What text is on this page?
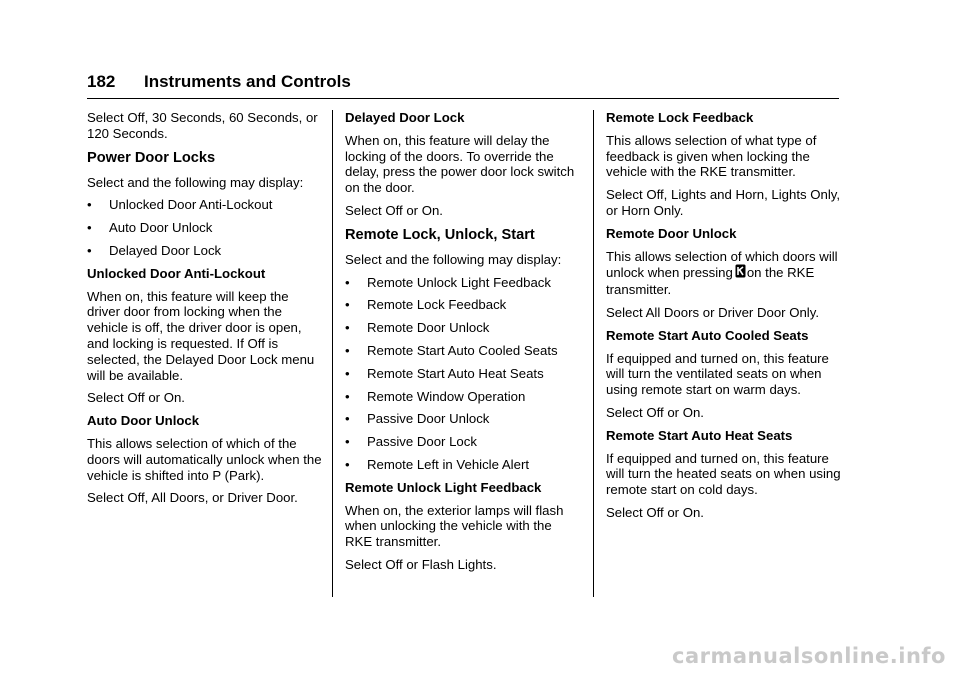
182 Instruments and Controls

Select Off, 30 Seconds, 60 Seconds, or 120 Seconds.

Power Door Locks

Select and the following may display:

• Unlocked Door Anti-Lockout
• Auto Door Unlock
• Delayed Door Lock
Unlocked Door Anti-Lockout

When on, this feature will keep the driver door from locking when the vehicle is off, the driver door is open, and locking is requested. If Off is selected, the Delayed Door Lock menu will be available.

Select Off or On.

Auto Door Unlock

This allows selection of which of the doors will automatically unlock when the vehicle is shifted into P (Park).

Select Off, All Doors, or Driver Door.

Delayed Door Lock

When on, this feature will delay the locking of the doors. To override the delay, press the power door lock switch on the door.

Select Off or On.

Remote Lock, Unlock, Start

Select and the following may display:

• Remote Unlock Light Feedback
• Remote Lock Feedback
• Remote Door Unlock
• Remote Start Auto Cooled Seats
• Remote Start Auto Heat Seats
• Remote Window Operation
• Passive Door Unlock
• Passive Door Lock
• Remote Left in Vehicle Alert
Remote Unlock Light Feedback

When on, the exterior lamps will flash when unlocking the vehicle with the RKE transmitter.

Select Off or Flash Lights.

Remote Lock Feedback

This allows selection of what type of feedback is given when locking the vehicle with the RKE transmitter.

Select Off, Lights and Horn, Lights Only, or Horn Only.

Remote Door Unlock

This allows selection of which doors will unlock when pressing on the RKE transmitter.

Select All Doors or Driver Door Only.

Remote Start Auto Cooled Seats

If equipped and turned on, this feature will turn the ventilated seats on when using remote start on warm days.

Select Off or On.

Remote Start Auto Heat Seats

If equipped and turned on, this feature will turn the heated seats on when using remote start on cold days.

Select Off or On.

carmanualsonline.info
